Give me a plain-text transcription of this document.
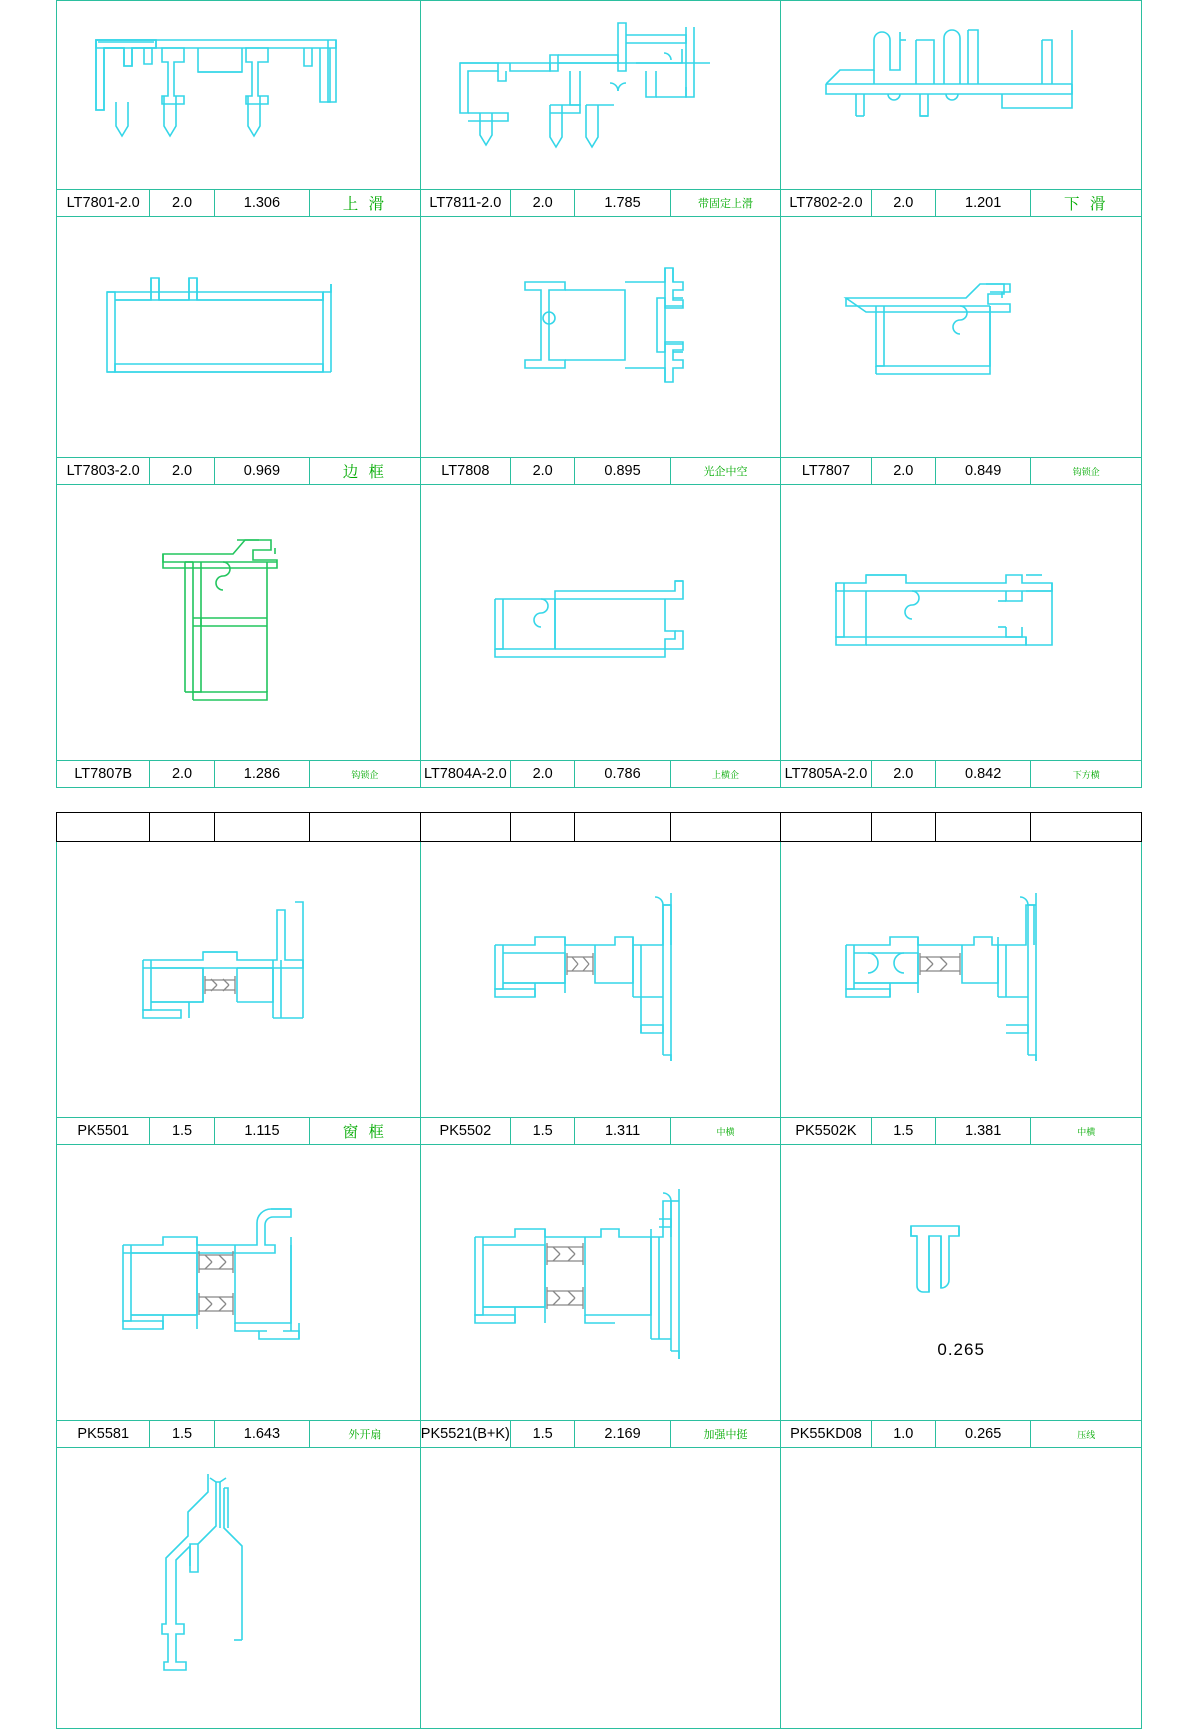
LT7801-2.0	2.0	1.306	上 滑	LT7811-2.0	2.0	1.785	带固定上滑	LT7802-2.0	2.0	1.201	下 滑

LT7803-2.0	2.0	0.969	边 框	LT7808	2.0	0.895	光企中空	LT7807	2.0	0.849	钩锁企

LT7807B	2.0	1.286	钩锁企	LT7804A-2.0	2.0	0.786	上横企	LT7805A-2.0	2.0	0.842	下方横

PK5501	1.5	1.115	窗 框	PK5502	1.5	1.311	中横	PK5502K	1.5	1.381	中横

0.265			

PK5581	1.5	1.643	外开扇	PK5521(B+K)	1.5	2.169	加强中挺	PK55KD08	1.0	0.265	压线
